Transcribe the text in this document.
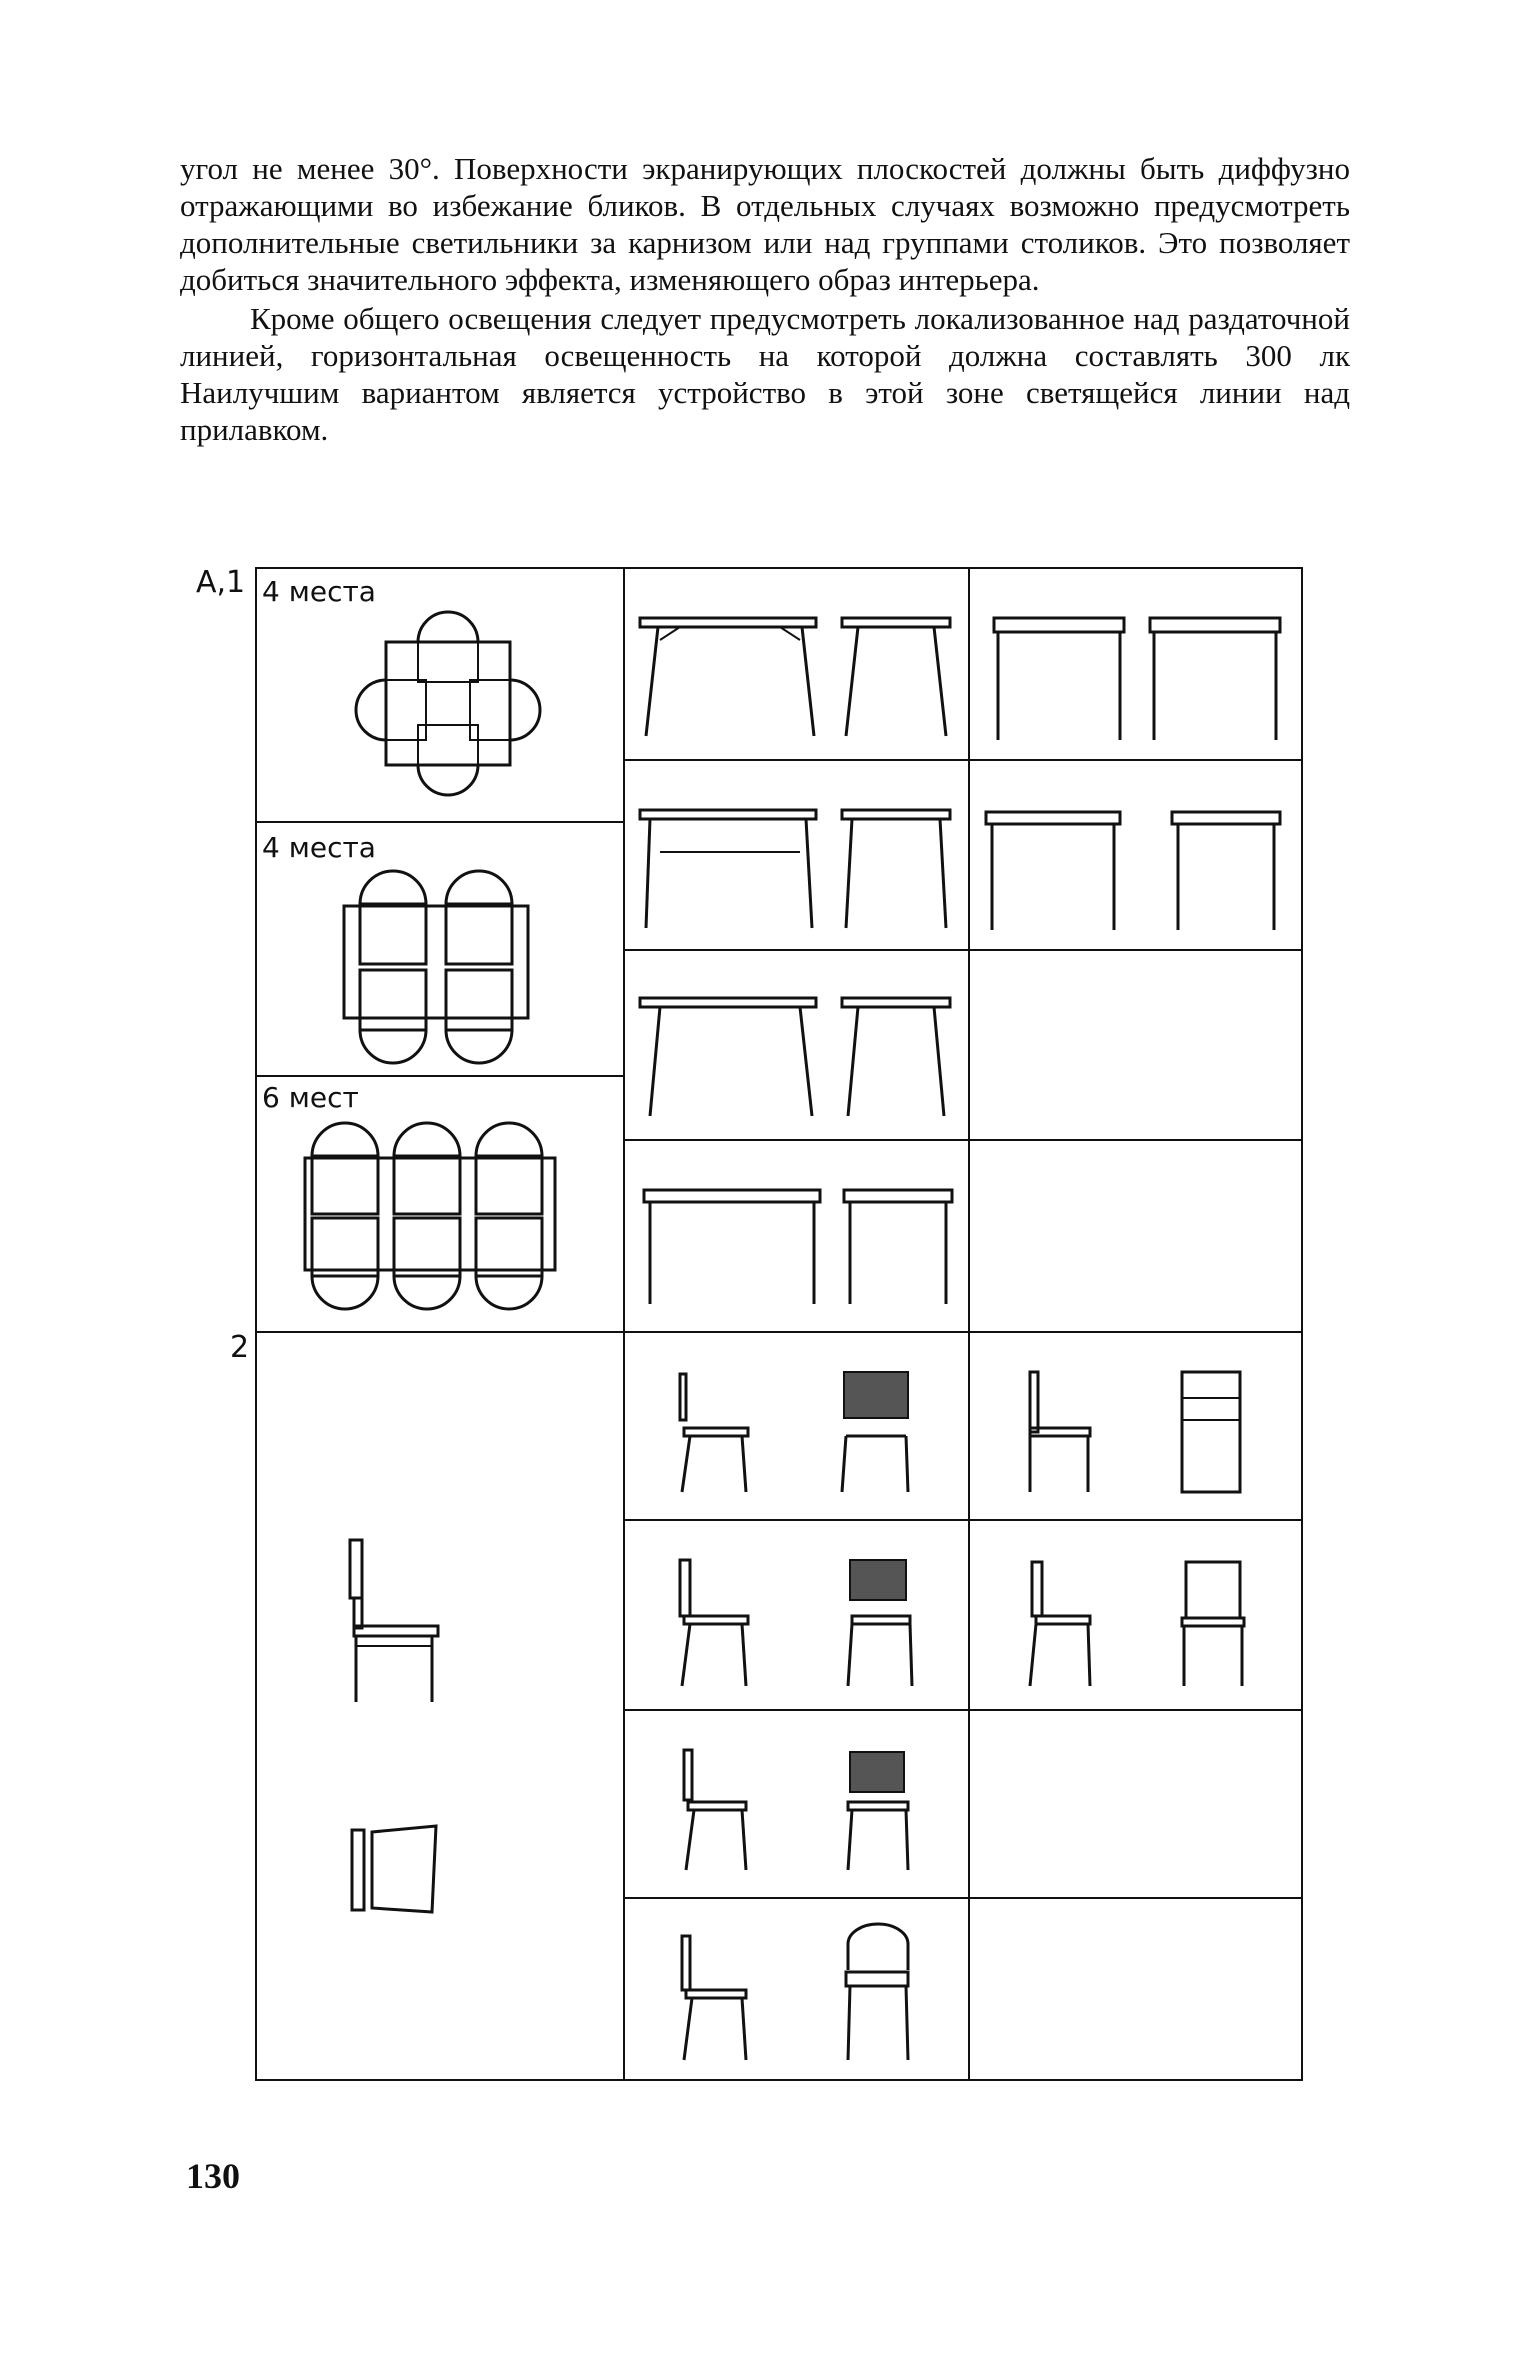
угол не менее 30°. Поверхности экранирующих плоскостей должны быть диффузно отражающими во избежание бликов. В отдельных случаях возможно предусмотреть дополнительные светильники за карнизом или над группами столиков. Это позволяет добиться значительного эффекта, изменяющего образ интерьера.

Кроме общего освещения следует предусмотреть локализованное над раздаточной линией, горизонтальная освещенность на которой должна составлять 300 лк Наилучшим вариантом является устройство в этой зоне светящейся линии над прилавком.

А,1
2
4 места
4 места
6 мест
130
